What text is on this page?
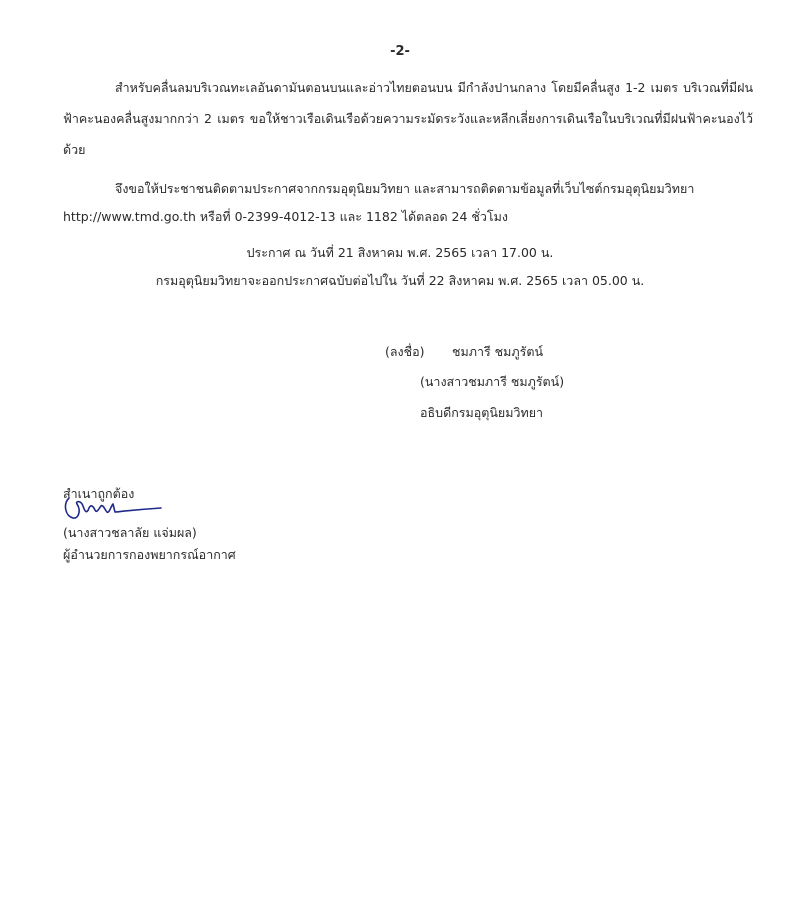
-2-
สำหรับคลื่นลมบริเวณทะเลอันดามันตอนบนและอ่าวไทยตอนบน มีกำลังปานกลาง โดยมีคลื่นสูง 1-2 เมตร บริเวณที่มีฝนฟ้าคะนองคลื่นสูงมากกว่า 2 เมตร ขอให้ชาวเรือเดินเรือด้วยความระมัดระวังและหลีกเลี่ยงการเดินเรือในบริเวณที่มีฝนฟ้าคะนองไว้ด้วย
จึงขอให้ประชาชนติดตามประกาศจากกรมอุตุนิยมวิทยา และสามารถติดตามข้อมูลที่เว็บไซต์กรมอุตุนิยมวิทยา
http://www.tmd.go.th หรือที่ 0-2399-4012-13 และ 1182 ได้ตลอด 24 ชั่วโมง
ประกาศ ณ วันที่ 21 สิงหาคม พ.ศ. 2565 เวลา 17.00 น.
กรมอุตุนิยมวิทยาจะออกประกาศฉบับต่อไปใน วันที่ 22 สิงหาคม พ.ศ. 2565 เวลา 05.00 น.
(ลงชื่อ) ชมภารี ชมภูรัตน์
(นางสาวชมภารี ชมภูรัตน์)
อธิบดีกรมอุตุนิยมวิทยา
สำเนาถูกต้อง
(นางสาวชลาลัย แจ่มผล)
ผู้อำนวยการกองพยากรณ์อากาศ
